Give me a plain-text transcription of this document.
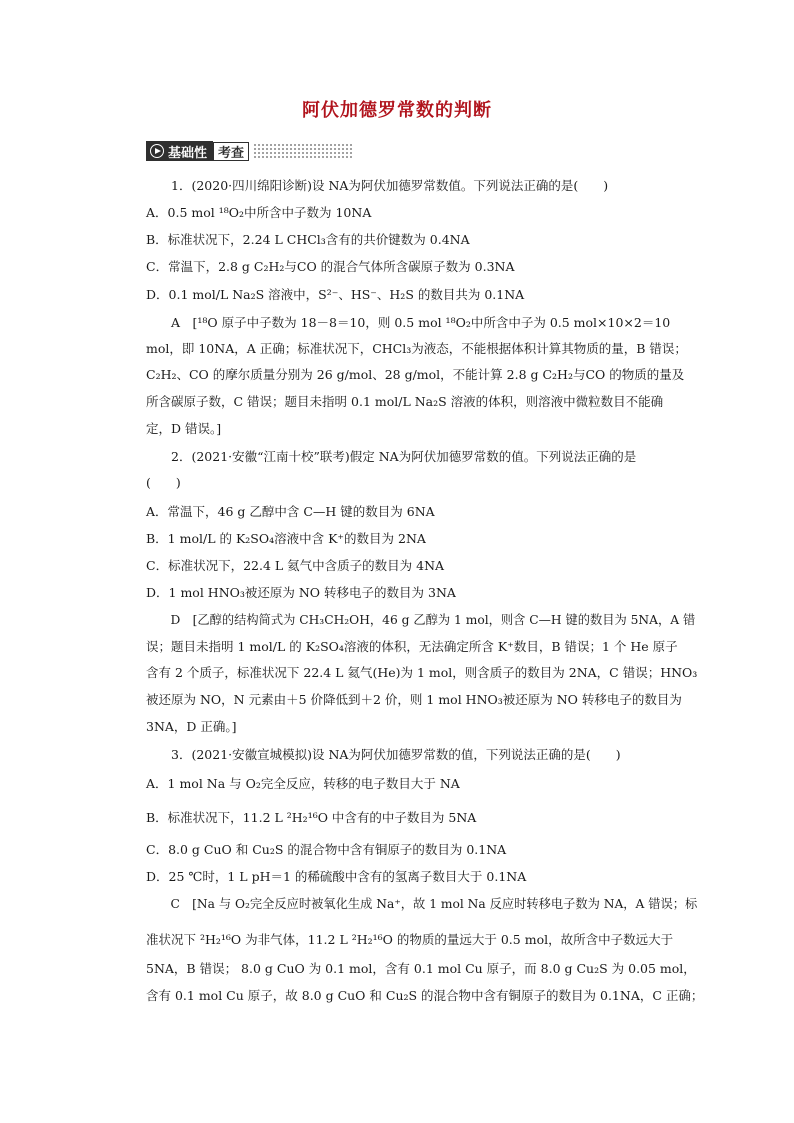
阿伏加德罗常数的判断
基础性 考查
1．(2020·四川绵阳诊断)设 NA为阿伏加德罗常数值。下列说法正确的是(　　)
A．0.5 mol ¹⁸O₂中所含中子数为 10NA
B．标准状况下，2.24 L CHCl₃含有的共价键数为 0.4NA
C．常温下，2.8 g C₂H₂与CO 的混合气体所含碳原子数为 0.3NA
D．0.1 mol/L Na₂S 溶液中，S²⁻、HS⁻、H₂S 的数目共为 0.1NA
A　[¹⁸O 原子中子数为 18－8＝10，则 0.5 mol ¹⁸O₂中所含中子为 0.5 mol×10×2＝10
mol，即 10NA，A 正确；标准状况下，CHCl₃为液态，不能根据体积计算其物质的量，B 错误；
C₂H₂、CO 的摩尔质量分别为 26 g/mol、28 g/mol，不能计算 2.8 g C₂H₂与CO 的物质的量及
所含碳原子数，C 错误；题目未指明 0.1 mol/L Na₂S 溶液的体积，则溶液中微粒数目不能确
定，D 错误。]
2．(2021·安徽“江南十校”联考)假定 NA为阿伏加德罗常数的值。下列说法正确的是
(　　)
A．常温下，46 g 乙醇中含 C—H 键的数目为 6NA
B．1 mol/L 的 K₂SO₄溶液中含 K⁺的数目为 2NA
C．标准状况下，22.4 L 氦气中含质子的数目为 4NA
D．1 mol HNO₃被还原为 NO 转移电子的数目为 3NA
D　[乙醇的结构简式为 CH₃CH₂OH，46 g 乙醇为 1 mol，则含 C—H 键的数目为 5NA，A 错
误；题目未指明 1 mol/L 的 K₂SO₄溶液的体积，无法确定所含 K⁺数目，B 错误；1 个 He 原子
含有 2 个质子，标准状况下 22.4 L 氦气(He)为 1 mol，则含质子的数目为 2NA，C 错误；HNO₃
被还原为 NO，N 元素由＋5 价降低到＋2 价，则 1 mol HNO₃被还原为 NO 转移电子的数目为
3NA，D 正确。]
3．(2021·安徽宣城模拟)设 NA为阿伏加德罗常数的值，下列说法正确的是(　　)
A．1 mol Na 与 O₂完全反应，转移的电子数目大于 NA
B．标准状况下，11.2 L ²H₂¹⁶O 中含有的中子数目为 5NA
C．8.0 g CuO 和 Cu₂S 的混合物中含有铜原子的数目为 0.1NA
D．25 ℃时，1 L pH＝1 的稀硫酸中含有的氢离子数目大于 0.1NA
C　[Na 与 O₂完全反应时被氧化生成 Na⁺，故 1 mol Na 反应时转移电子数为 NA，A 错误；标
准状况下 ²H₂¹⁶O 为非气体，11.2 L ²H₂¹⁶O 的物质的量远大于 0.5 mol，故所含中子数远大于
5NA，B 错误； 8.0 g CuO 为 0.1 mol，含有 0.1 mol Cu 原子，而 8.0 g Cu₂S 为 0.05 mol，
含有 0.1 mol Cu 原子，故 8.0 g CuO 和 Cu₂S 的混合物中含有铜原子的数目为 0.1NA，C 正确；
